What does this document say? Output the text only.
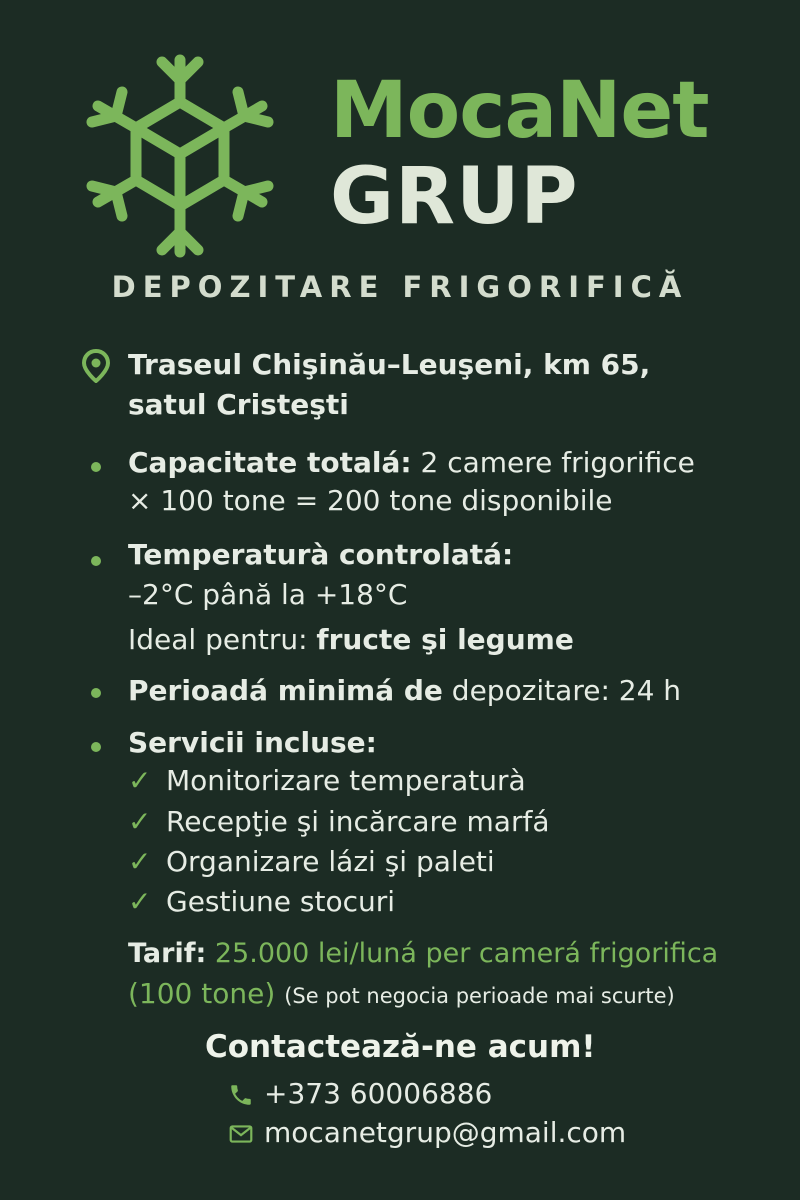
MocaNet
GRUP
DEPOZITARE FRIGORIFICĂ
Traseul Chişinău–Leuşeni, km 65,
satul Cristeşti
Capacitate totalá: 2 camere frigorifice
× 100 tone = 200 tone disponibile
Temperaturà controlatá:
–2°C până la +18°C
Ideal pentru: fructe şi legume
Perioadá minimá de depozitare: 24 h
Servicii incluse:
✓ Monitorizare temperaturà
✓ Recepţie şi incărcare marfá
✓ Organizare lázi şi paleti
✓ Gestiune stocuri
Tarif: 25.000 lei/luná per camerá frigorifica
(100 tone) (Se pot negocia perioade mai scurte)
Contactează-ne acum!
+373 60006886
mocanetgrup@gmail.com
